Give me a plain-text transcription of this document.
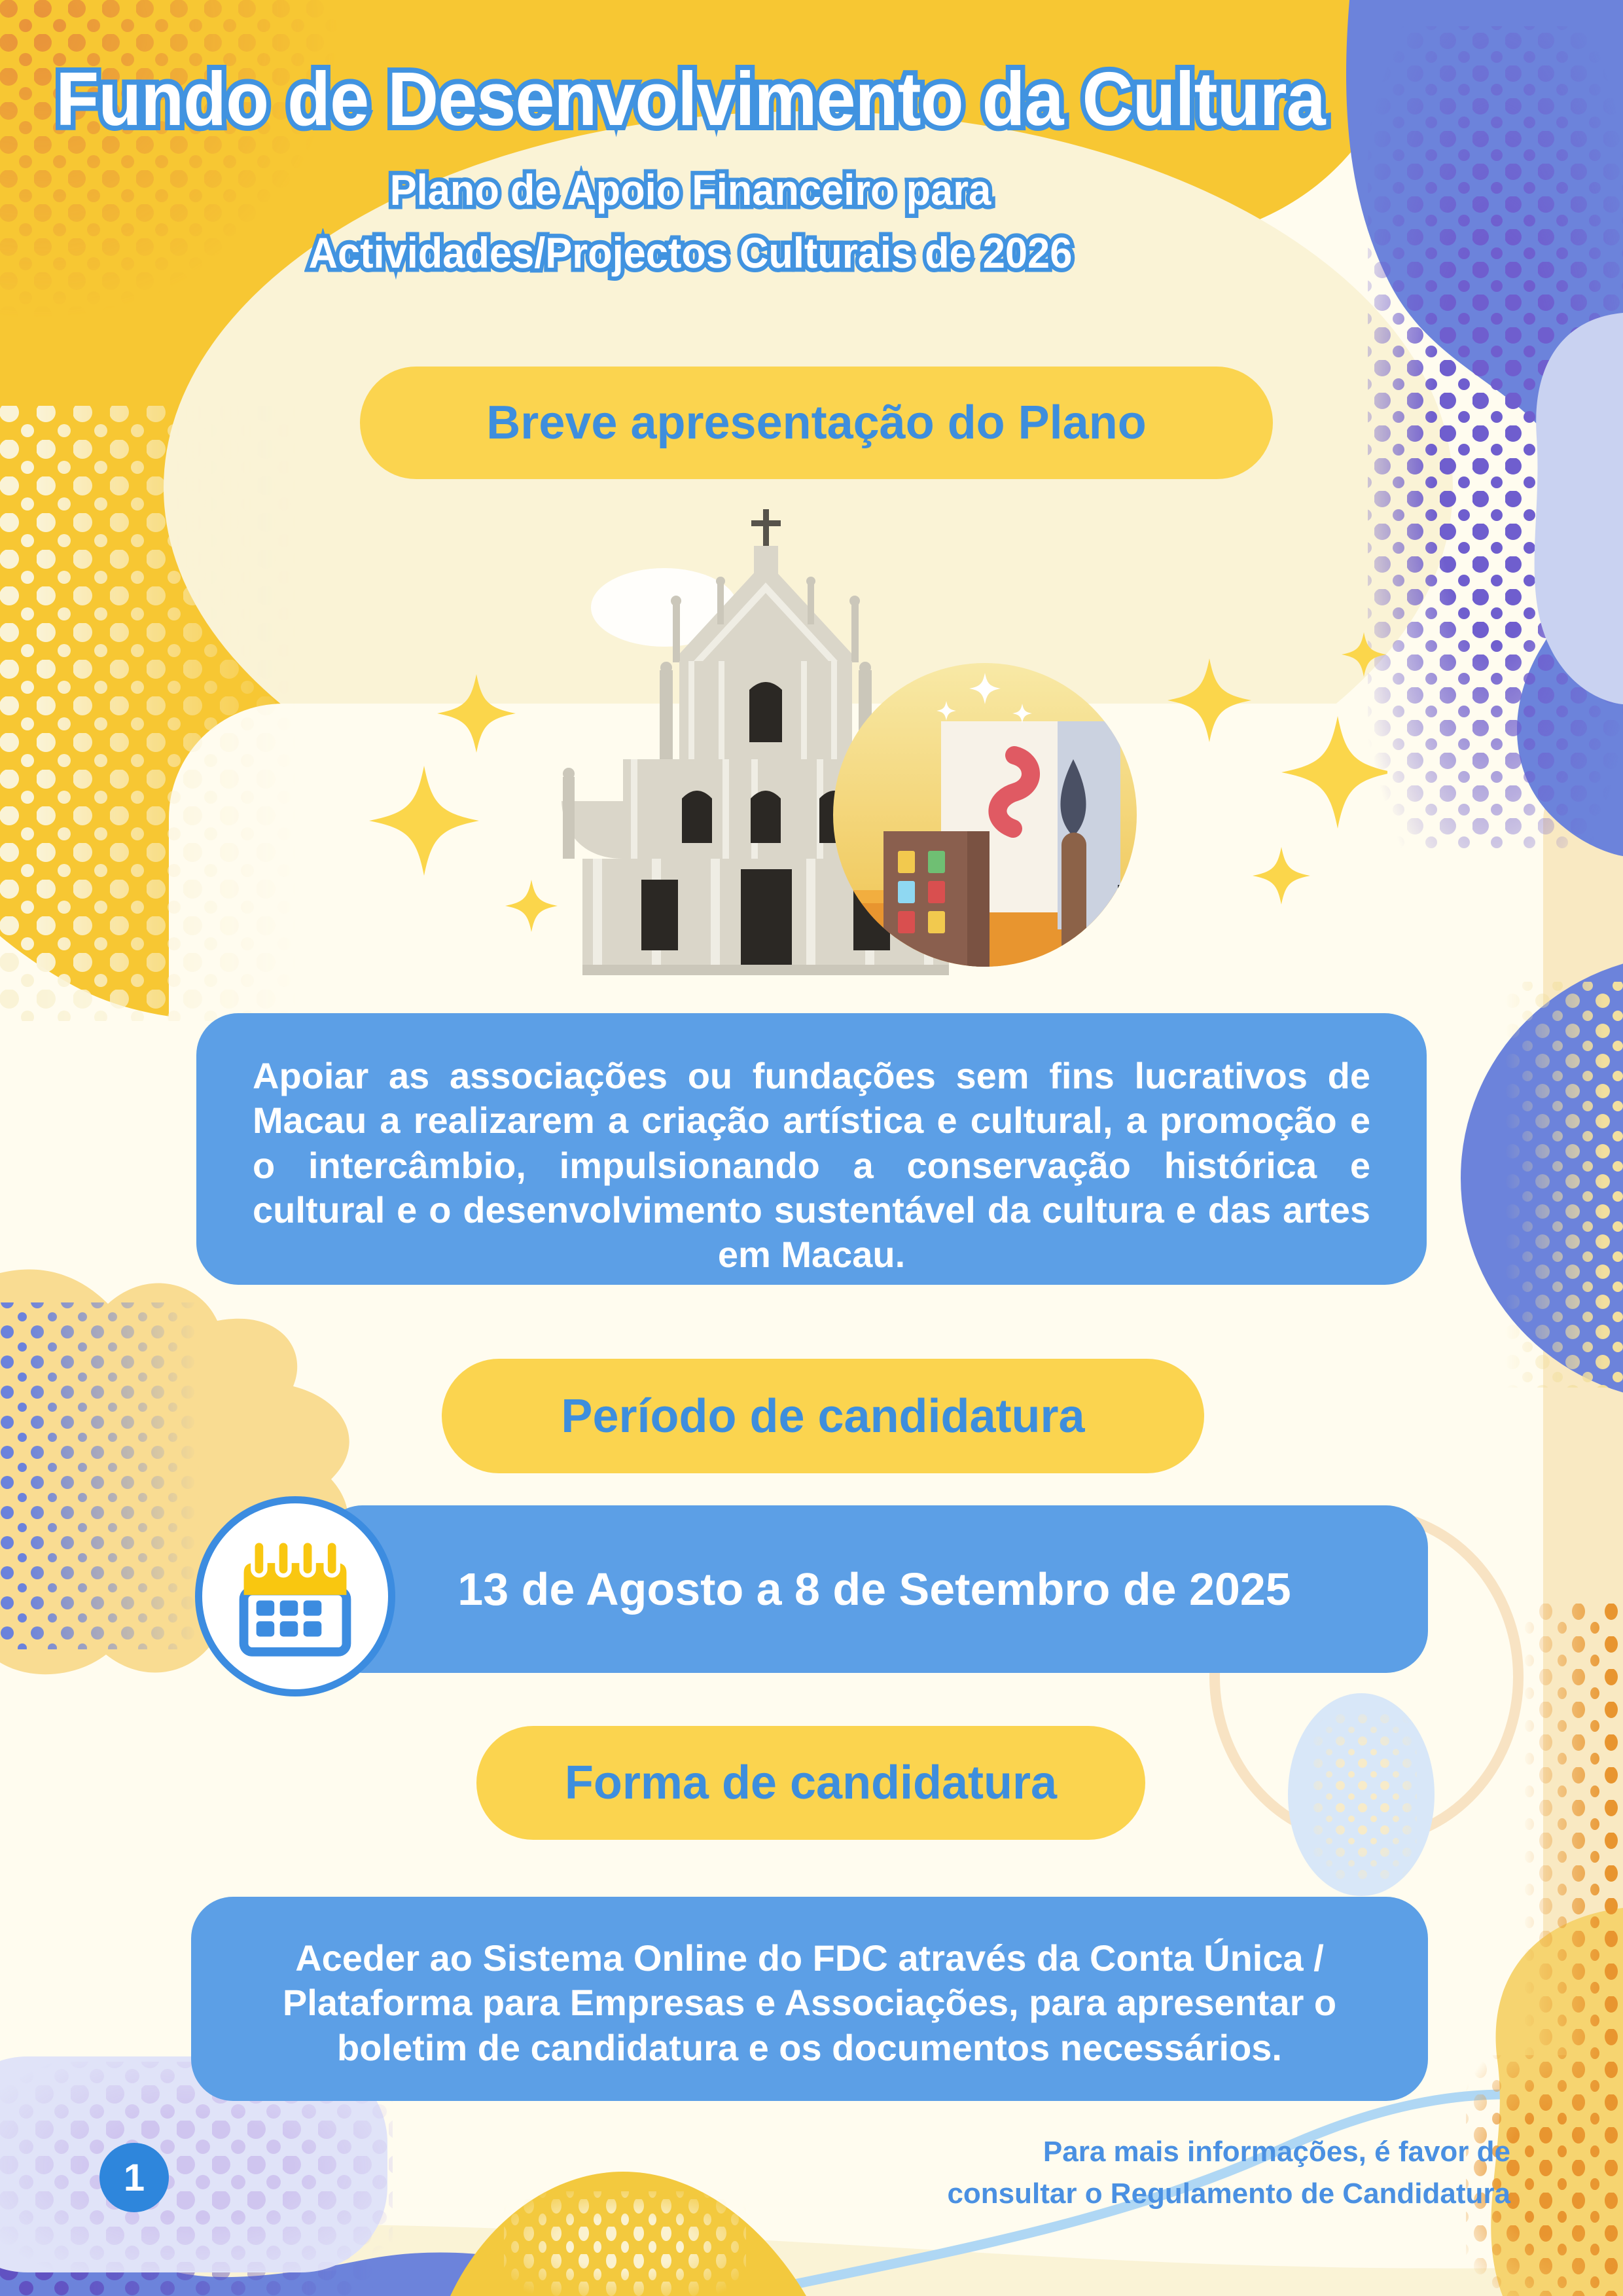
Fundo de Desenvolvimento da Cultura Fundo de Desenvolvimento da Cultura
Plano de Apoio Financeiro para Plano de Apoio Financeiro para
Actividades/Projectos Culturais de 2026 Actividades/Projectos Culturais de 2026
Breve apresentação do Plano
Apoiar as associações ou fundações sem fins lucrativos de Macau a realizarem a criação artística e cultural, a promoção e o intercâmbio, impulsionando a conservação histórica e cultural e o desenvolvimento sustentável da cultura e das artes em Macau.
Período de candidatura
13 de Agosto a 8 de Setembro de 2025
Forma de candidatura
Aceder ao Sistema Online do FDC através da Conta Única / Plataforma para Empresas e Associações, para apresentar o boletim de candidatura e os documentos necessários.
Para mais informações, é favor de
consultar o Regulamento de Candidatura
1
